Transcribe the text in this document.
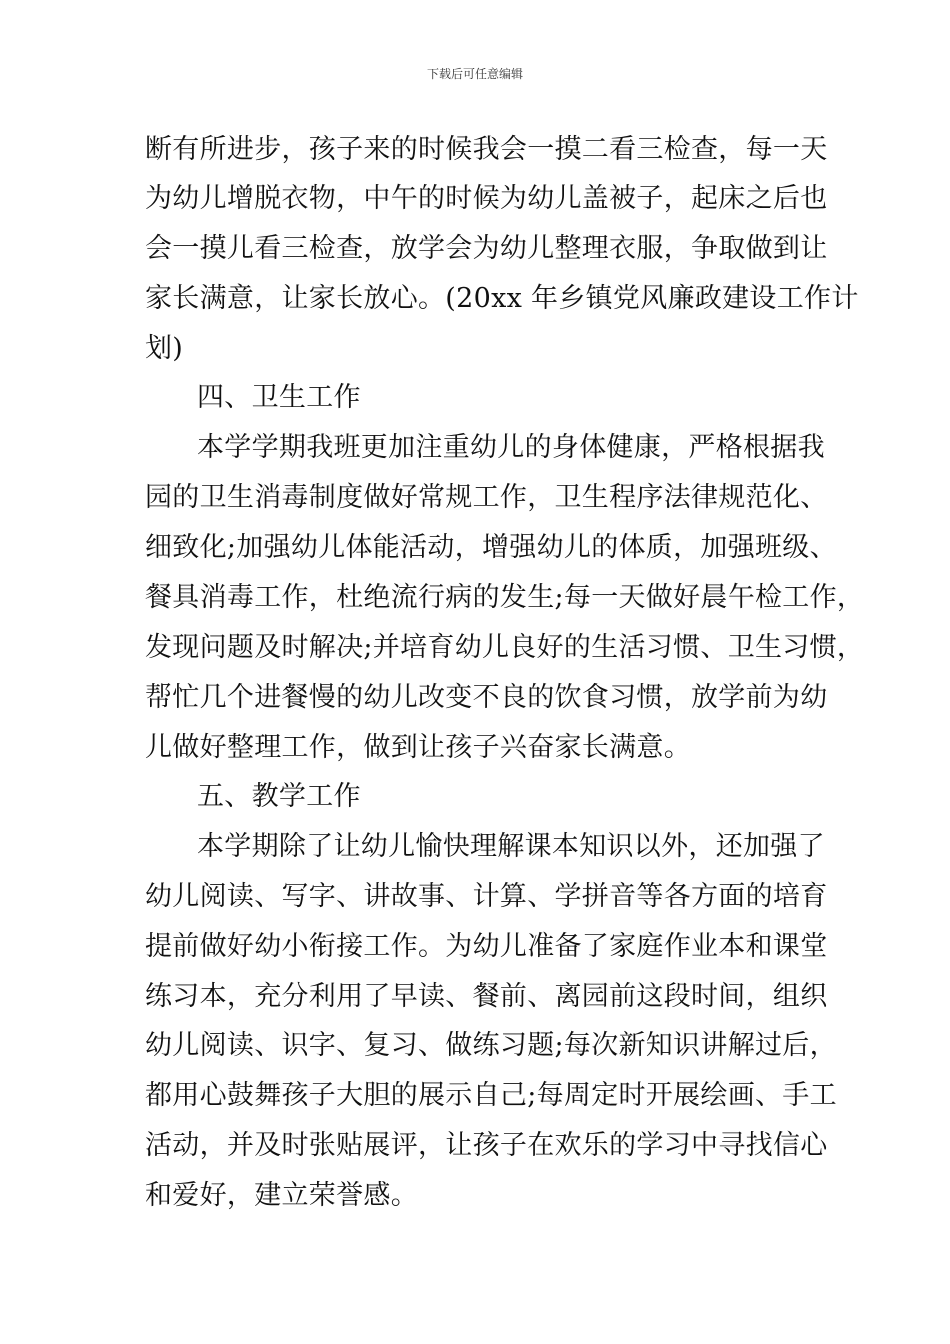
下载后可任意编辑
断有所进步，孩子来的时候我会一摸二看三检查，每一天
为幼儿增脱衣物，中午的时候为幼儿盖被子，起床之后也
会一摸儿看三检查，放学会为幼儿整理衣服，争取做到让
家长满意，让家长放心。(20xx 年乡镇党风廉政建设工作计
划)
四、卫生工作
本学学期我班更加注重幼儿的身体健康，严格根据我
园的卫生消毒制度做好常规工作，卫生程序法律规范化、
细致化;加强幼儿体能活动，增强幼儿的体质，加强班级、
餐具消毒工作，杜绝流行病的发生;每一天做好晨午检工作，
发现问题及时解决;并培育幼儿良好的生活习惯、卫生习惯，
帮忙几个进餐慢的幼儿改变不良的饮食习惯，放学前为幼
儿做好整理工作，做到让孩子兴奋家长满意。
五、教学工作
本学期除了让幼儿愉快理解课本知识以外，还加强了
幼儿阅读、写字、讲故事、计算、学拼音等各方面的培育
提前做好幼小衔接工作。为幼儿准备了家庭作业本和课堂
练习本，充分利用了早读、餐前、离园前这段时间，组织
幼儿阅读、识字、复习、做练习题;每次新知识讲解过后，
都用心鼓舞孩子大胆的展示自己;每周定时开展绘画、手工
活动，并及时张贴展评，让孩子在欢乐的学习中寻找信心
和爱好，建立荣誉感。
